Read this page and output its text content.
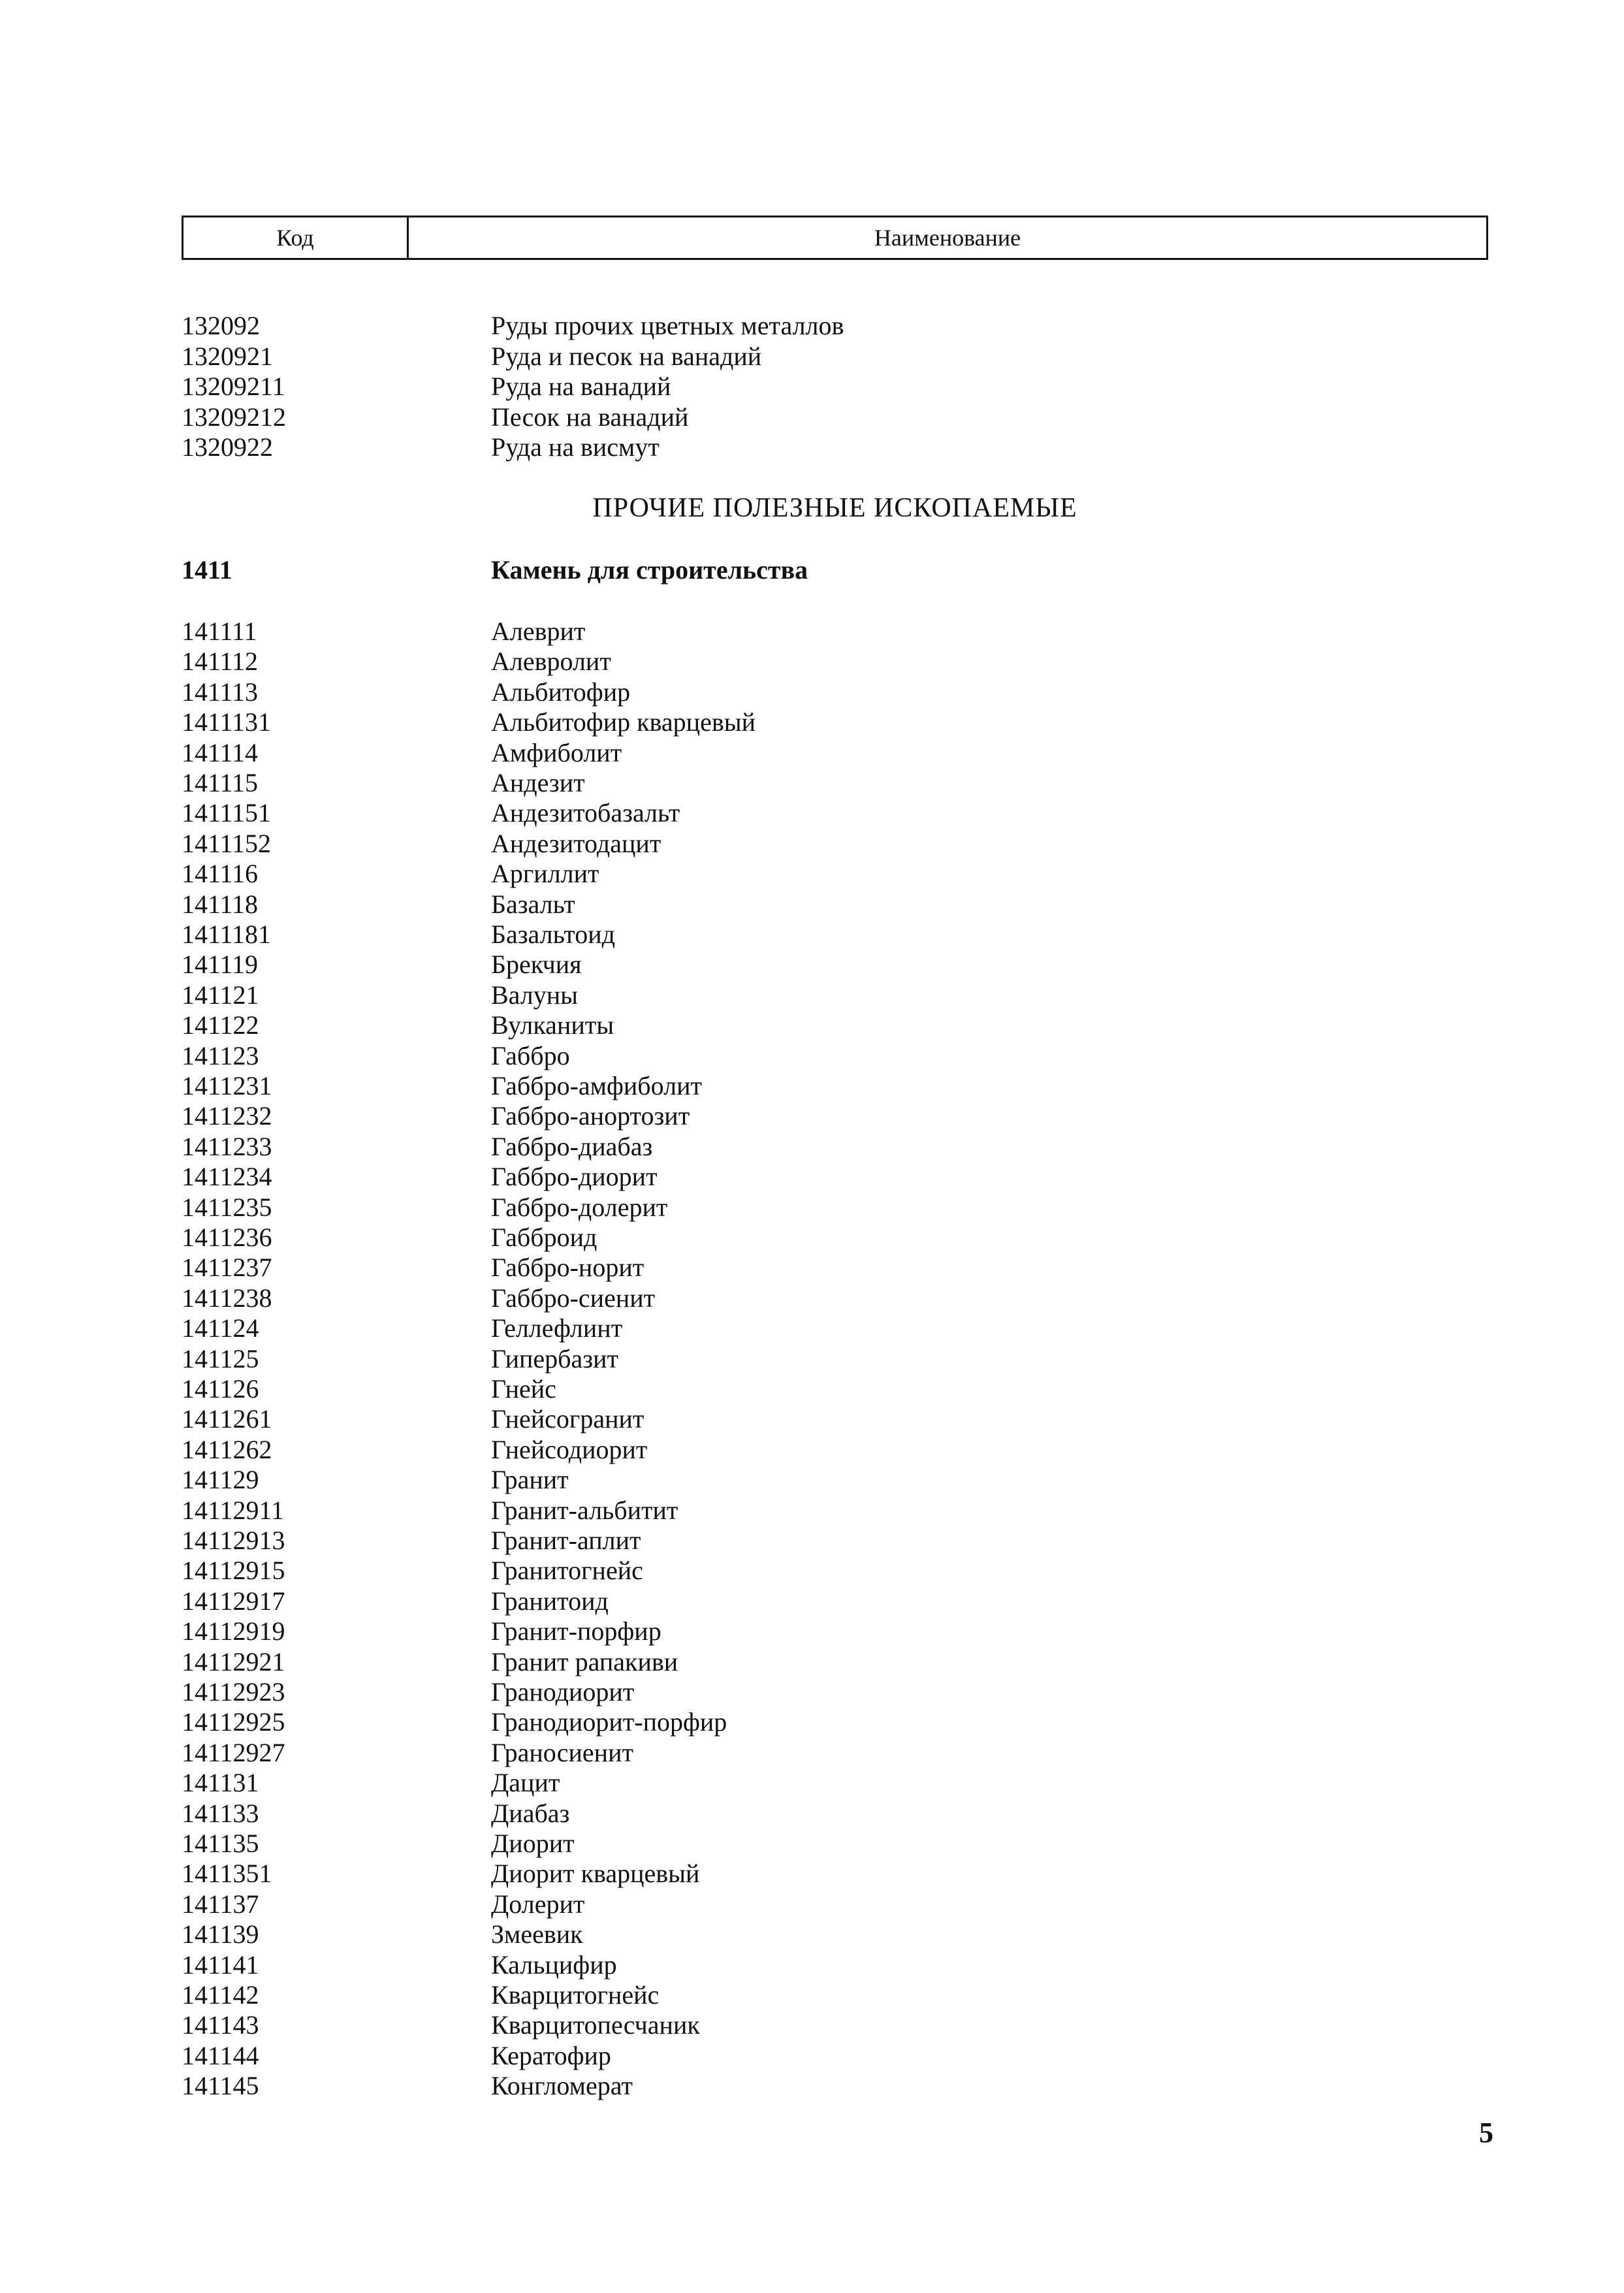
Код	Наименование
132092	Руды прочих цветных металлов
1320921	Руда и песок на ванадий
13209211	Руда на ванадий
13209212	Песок на ванадий
1320922	Руда на висмут
ПРОЧИЕ ПОЛЕЗНЫЕ ИСКОПАЕМЫЕ
1411	Камень для строительства
141111	Алеврит
141112	Алевролит
141113	Альбитофир
1411131	Альбитофир кварцевый
141114	Амфиболит
141115	Андезит
1411151	Андезитобазальт
1411152	Андезитодацит
141116	Аргиллит
141118	Базальт
1411181	Базальтоид
141119	Брекчия
141121	Валуны
141122	Вулканиты
141123	Габбро
1411231	Габбро-амфиболит
1411232	Габбро-анортозит
1411233	Габбро-диабаз
1411234	Габбро-диорит
1411235	Габбро-долерит
1411236	Габброид
1411237	Габбро-норит
1411238	Габбро-сиенит
141124	Геллефлинт
141125	Гипербазит
141126	Гнейс
1411261	Гнейсогранит
1411262	Гнейсодиорит
141129	Гранит
14112911	Гранит-альбитит
14112913	Гранит-аплит
14112915	Гранитогнейс
14112917	Гранитоид
14112919	Гранит-порфир
14112921	Гранит рапакиви
14112923	Гранодиорит
14112925	Гранодиорит-порфир
14112927	Граносиенит
141131	Дацит
141133	Диабаз
141135	Диорит
1411351	Диорит кварцевый
141137	Долерит
141139	Змеевик
141141	Кальцифир
141142	Кварцитогнейс
141143	Кварцитопесчаник
141144	Кератофир
141145	Конгломерат
5
